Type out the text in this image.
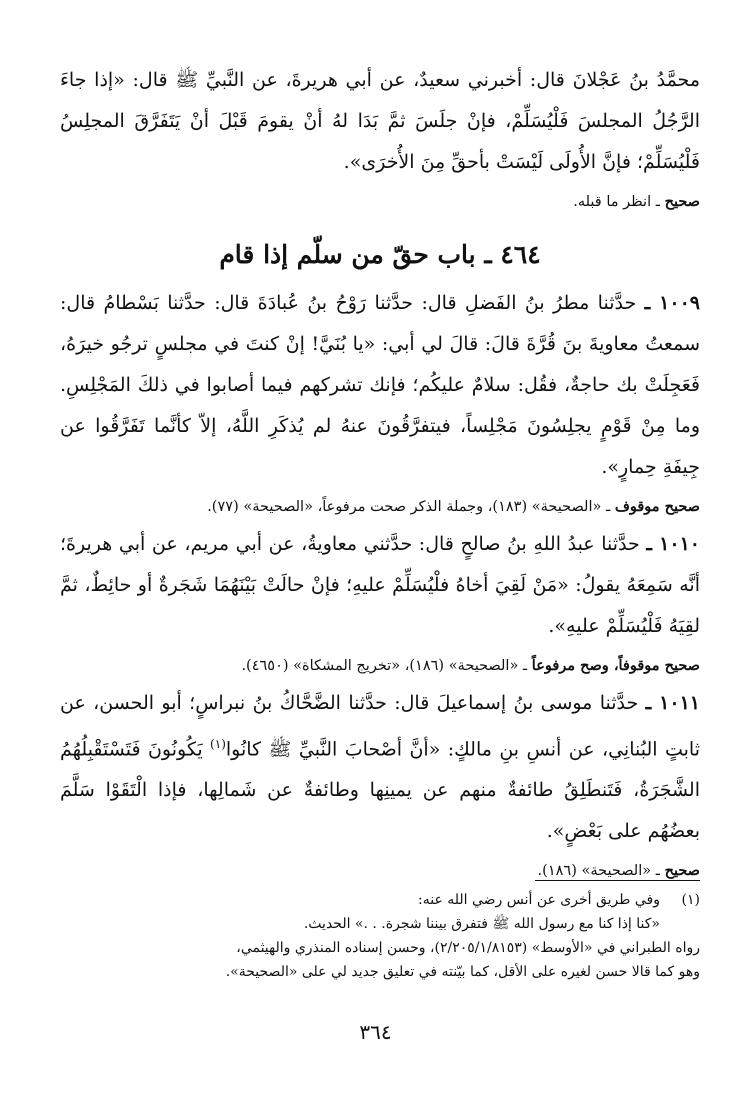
محمَّدُ بنُ عَجْلانَ قال: أخبرني سعيدٌ، عن أبي هريرةَ، عن النَّبيِّ ﷺ قال: «إذا جاءَ الرَّجُلُ المجلسَ فَلْيُسَلِّمْ، فإنْ جلَسَ ثمَّ بَدَا لهُ أنْ يقومَ قَبْلَ أنْ يَتَفَرَّقَ المجلِسُ فَلْيُسَلِّمْ؛ فإنَّ الأُولَى لَيْسَتْ بأحقِّ مِنَ الأُخرَى».

صحيح ـ انظر ما قبله.
٤٦٤ ـ باب حقّ من سلّم إذا قام

١٠٠٩ ـ حدَّثنا مطرُ بنُ الفَضلِ قال: حدَّثنا رَوْحُ بنُ عُبادَةَ قال: حدَّثنا بَسْطامُ قال: سمعتُ معاويةَ بنَ قُرَّةَ قالَ: قالَ لي أبي: «يا بُنَيَّ! إنْ كنتَ في مجلسٍ ترجُو خيرَهُ، فَعَجِلَتْ بك حاجةٌ، فقُل: سلامٌ عليكُم؛ فإنك تشركهم فيما أصابوا في ذلكَ المَجْلِسِ. وما مِنْ قَوْمٍ يجلِسُونَ مَجْلِساً، فيتفرَّقُونَ عنهُ لم يُذكَرِ اللَّهُ، إلاّ كأنَّما تَفَرَّقُوا عن جِيفَةِ حِمارٍ».

صحيح موقوف ـ «الصحيحة» (١٨٣)، وجملة الذكر صحت مرفوعاً، «الصحيحة» (٧٧).

١٠١٠ ـ حدَّثنا عبدُ اللهِ بنُ صالحٍ قال: حدَّثني معاويةُ، عن أبي مريم، عن أبي هريرةَ؛ أنَّه سَمِعَهُ يقولُ: «مَنْ لَقِيَ أخاهُ فلْيُسَلِّمْ عليهِ؛ فإنْ حالَتْ بَيْنَهُمَا شَجَرةٌ أو حائِطٌ، ثمَّ لقِيَهُ فَلْيُسَلِّمْ عليهِ».

صحيح موقوفاً، وصح مرفوعاً ـ «الصحيحة» (١٨٦)، «تخريج المشكاة» (٤٦٥٠).

١٠١١ ـ حدَّثنا موسى بنُ إسماعيلَ قال: حدَّثنا الضَّحَّاكُ بنُ نبراسٍ؛ أبو الحسن، عن ثابتٍ البُنانِي، عن أنسِ بنِ مالكٍ: «أنَّ أصْحابَ النَّبيِّ ﷺ كانُوا$^{(١)}$ يَكُونُونَ فَتَسْتَقْبِلُهُمُ الشَّجَرَةُ، فَتَنطَلِقُ طائفةٌ منهم عن يمينِها وطائفةٌ عن شَمالِها، فإذا الْتَقَوْا سَلَّمَ بعضُهُم على بَعْضٍ».

صحيح ـ «الصحيحة» (١٨٦).
(١)
وفي طريق أخرى عن أنس رضي الله عنه:
«كنا إذا كنا مع رسول الله ﷺ فتفرق بيننا شجرة. . .» الحديث.
رواه الطبراني في «الأوسط» (٢/٢٠٥/١/٨١٥٣)، وحسن إسناده المنذري والهيثمي،
وهو كما قالا حسن لغيره على الأقل، كما بيّنته في تعليق جديد لي على «الصحيحة».
٣٦٤
